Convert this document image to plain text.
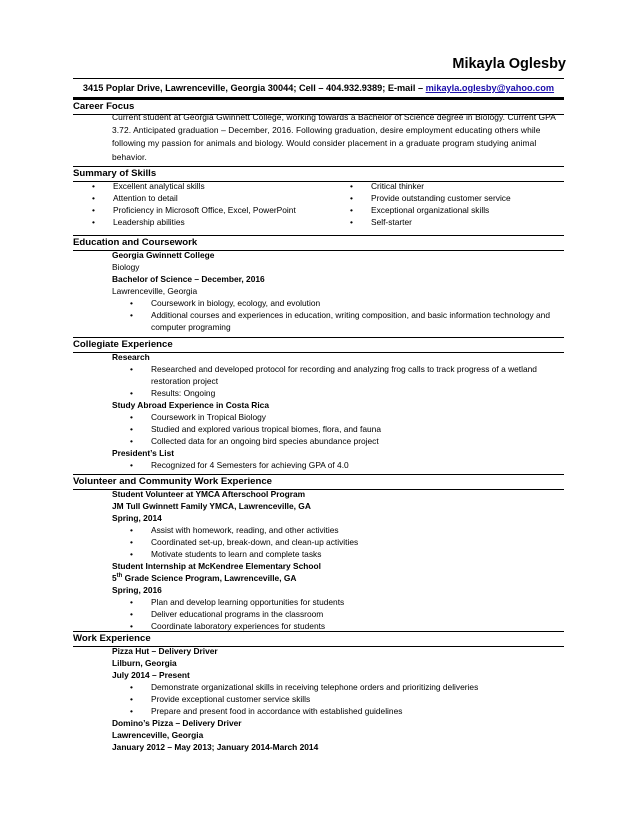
Mikayla Oglesby
3415 Poplar Drive, Lawrenceville, Georgia 30044; Cell – 404.932.9389; E-mail – mikayla.oglesby@yahoo.com
Career Focus
Current student at Georgia Gwinnett College, working towards a Bachelor of Science degree in Biology. Current GPA 3.72. Anticipated graduation – December, 2016. Following graduation, desire employment educating others while following my passion for animals and biology. Would consider placement in a graduate program studying animal behavior.
Summary of Skills
• Excellent analytical skills
• Attention to detail
• Proficiency in Microsoft Office, Excel, PowerPoint
• Leadership abilities
• Critical thinker
• Provide outstanding customer service
• Exceptional organizational skills
• Self-starter
Education and Coursework
Georgia Gwinnett College
Biology
Bachelor of Science – December, 2016
Lawrenceville, Georgia
• Coursework in biology, ecology, and evolution
• Additional courses and experiences in education, writing composition, and basic information technology and computer programing
Collegiate Experience
Research
• Researched and developed protocol for recording and analyzing frog calls to track progress of a wetland restoration project
• Results: Ongoing
Study Abroad Experience in Costa Rica
• Coursework in Tropical Biology
• Studied and explored various tropical biomes, flora, and fauna
• Collected data for an ongoing bird species abundance project
President’s List
• Recognized for 4 Semesters for achieving GPA of 4.0
Volunteer and Community Work Experience
Student Volunteer at YMCA Afterschool Program
JM Tull Gwinnett Family YMCA, Lawrenceville, GA
Spring, 2014
• Assist with homework, reading, and other activities
• Coordinated set-up, break-down, and clean-up activities
• Motivate students to learn and complete tasks
Student Internship at McKendree Elementary School
5th Grade Science Program, Lawrenceville, GA
Spring, 2016
• Plan and develop learning opportunities for students
• Deliver educational programs in the classroom
• Coordinate laboratory experiences for students
Work Experience
Pizza Hut – Delivery Driver
Lilburn, Georgia
July 2014 – Present
• Demonstrate organizational skills in receiving telephone orders and prioritizing deliveries
• Provide exceptional customer service skills
• Prepare and present food in accordance with established guidelines
Domino’s Pizza – Delivery Driver
Lawrenceville, Georgia
January 2012 – May 2013; January 2014-March 2014
